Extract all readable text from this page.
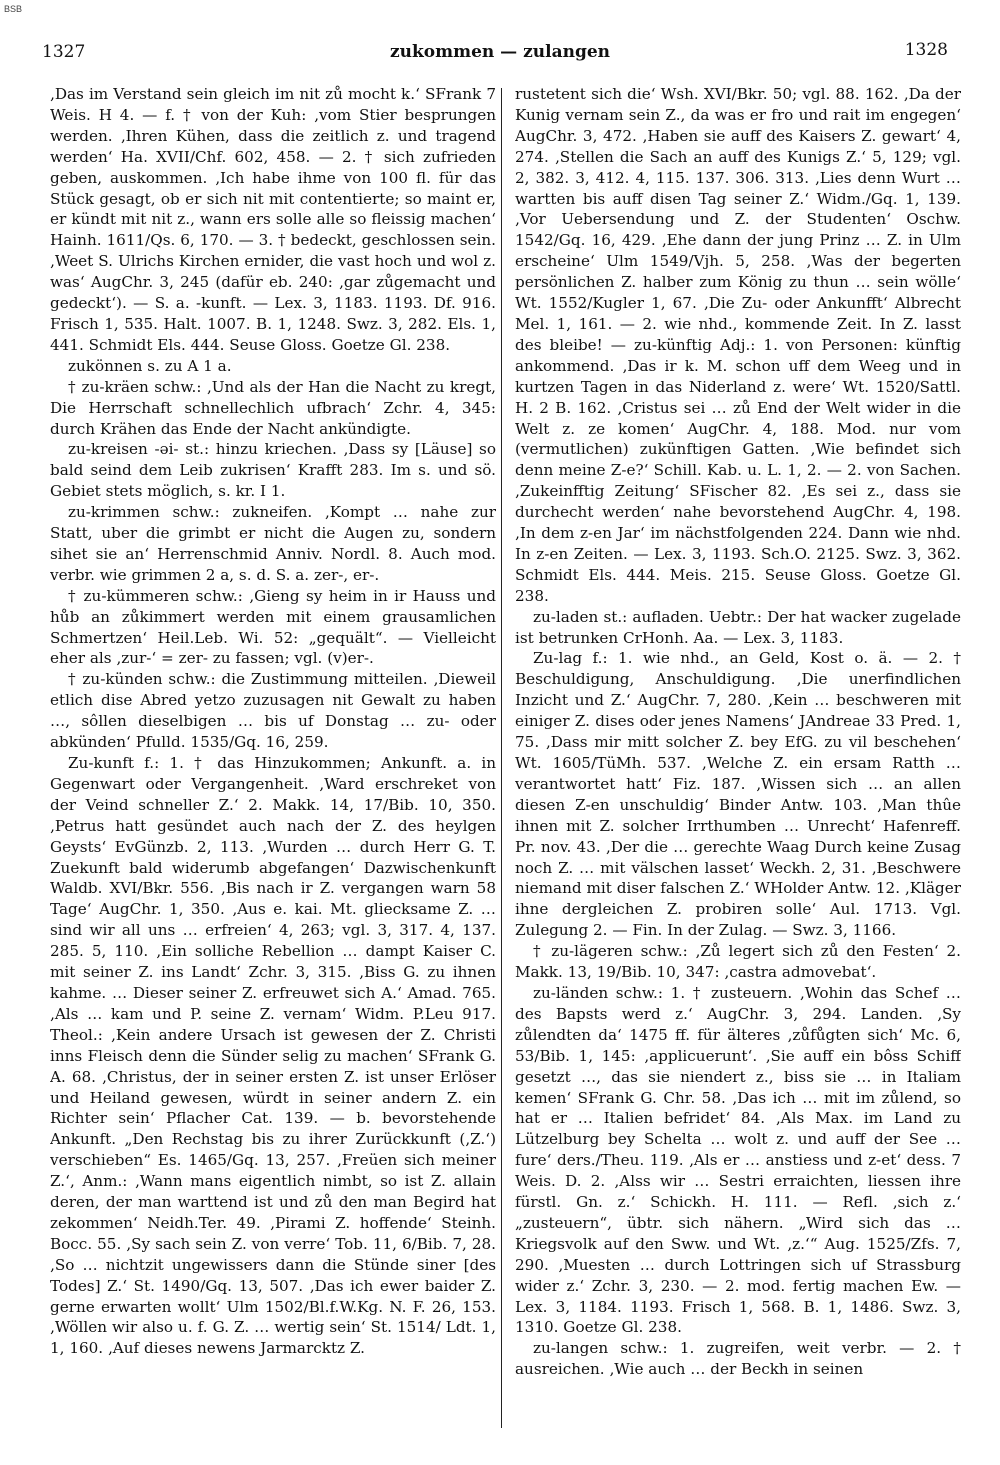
BSB
1327	zukommen — zulangen	1328

‚Das im Verstand sein gleich im nit zů mocht k.‘ SFrank 7 Weis. H 4. — f. † von der Kuh: ‚vom Stier besprungen werden. ‚Ihren Kühen, dass die zeitlich z. und tragend werden‘ Ha. XVII/Chf. 602, 458. — 2. † sich zufrieden geben, auskommen. ‚Ich habe ihme von 100 fl. für das Stück gesagt, ob er sich nit mit contentierte; so maint er, er kündt mit nit z., wann ers solle alle so fleissig machen‘ Hainh. 1611/Qs. 6, 170. — 3. † bedeckt, geschlossen sein. ‚Weet S. Ulrichs Kirchen ernider, die vast hoch und wol z. was‘ AugChr. 3, 245 (dafür eb. 240: ‚gar zůgemacht und gedeckt‘). — S. a. -kunft. — Lex. 3, 1183. 1193. Df. 916. Frisch 1, 535. Halt. 1007. B. 1, 1248. Swz. 3, 282. Els. 1, 441. Schmidt Els. 444. Seuse Gloss. Goetze Gl. 238.

zukönnen s. zu A 1 a.

† zu-kräen schw.: ‚Und als der Han die Nacht zu kregt, Die Herrschaft schnellechlich ufbrach‘ Zchr. 4, 345: durch Krähen das Ende der Nacht ankündigte.

zu-kreisen -əi- st.: hinzu kriechen. ‚Dass sy [Läuse] so bald seind dem Leib zukrisen‘ Krafft 283. Im s. und sö. Gebiet stets möglich, s. kr. I 1.

zu-krimmen schw.: zukneifen. ‚Kompt … nahe zur Statt, uber die grimbt er nicht die Augen zu, sondern sihet sie an‘ Herrenschmid Anniv. Nordl. 8. Auch mod. verbr. wie grimmen 2 a, s. d. S. a. zer-, er-.

† zu-kümmeren schw.: ‚Gieng sy heim in ir Hauss und hůb an zůkimmert werden mit einem grausamlichen Schmertzen‘ Heil.Leb. Wi. 52: „gequält“. — Vielleicht eher als ‚zur-‘ = zer- zu fassen; vgl. (v)er-.

† zu-künden schw.: die Zustimmung mitteilen. ‚Dieweil etlich dise Abred yetzo zuzusagen nit Gewalt zu haben …, sôllen dieselbigen … bis uf Donstag … zu- oder abkünden‘ Pfulld. 1535/Gq. 16, 259.

Zu-kunft f.: 1. † das Hinzukommen; Ankunft. a. in Gegenwart oder Vergangenheit. ‚Ward erschreket von der Veind schneller Z.‘ 2. Makk. 14, 17/Bib. 10, 350. ‚Petrus hatt gesündet auch nach der Z. des heylgen Geysts‘ EvGünzb. 2, 113. ‚Wurden … durch Herr G. T. Zuekunft bald widerumb abgefangen‘ Dazwischenkunft Waldb. XVI/Bkr. 556. ‚Bis nach ir Z. vergangen warn 58 Tage‘ AugChr. 1, 350. ‚Aus e. kai. Mt. gliecksame Z. … sind wir all uns … erfreien‘ 4, 263; vgl. 3, 317. 4, 137. 285. 5, 110. ‚Ein solliche Rebellion … dampt Kaiser C. mit seiner Z. ins Landt‘ Zchr. 3, 315. ‚Biss G. zu ihnen kahme. … Dieser seiner Z. erfreuwet sich A.‘ Amad. 765. ‚Als … kam und P. seine Z. vernam‘ Widm. P.Leu 917. Theol.: ‚Kein andere Ursach ist gewesen der Z. Christi inns Fleisch denn die Sünder selig zu machen‘ SFrank G. A. 68. ‚Christus, der in seiner ersten Z. ist unser Erlöser und Heiland gewesen, würdt in seiner andern Z. ein Richter sein‘ Pflacher Cat. 139. — b. bevorstehende Ankunft. „Den Rechstag bis zu ihrer Zurückkunft (‚Z.‘) verschieben“ Es. 1465/Gq. 13, 257. ‚Freüen sich meiner Z.‘, Anm.: ‚Wann mans eigentlich nimbt, so ist Z. allain deren, der man warttend ist und zů den man Begird hat zekommen‘ Neidh.Ter. 49. ‚Pirami Z. hoffende‘ Steinh. Bocc. 55. ‚Sy sach sein Z. von verre‘ Tob. 11, 6/Bib. 7, 28. ‚So … nichtzit ungewissers dann die Stünde siner [des Todes] Z.‘ St. 1490/Gq. 13, 507. ‚Das ich ewer baider Z. gerne erwarten wollt‘ Ulm 1502/Bl.f.W.Kg. N. F. 26, 153. ‚Wöllen wir also u. f. G. Z. … wertig sein‘ St. 1514/ Ldt. 1, 1, 160. ‚Auf dieses newens Jarmarcktz Z.

rustetent sich die‘ Wsh. XVI/Bkr. 50; vgl. 88. 162. ‚Da der Kunig vernam sein Z., da was er fro und rait im engegen‘ AugChr. 3, 472. ‚Haben sie auff des Kaisers Z. gewart‘ 4, 274. ‚Stellen die Sach an auff des Kunigs Z.‘ 5, 129; vgl. 2, 382. 3, 412. 4, 115. 137. 306. 313. ‚Lies denn Wurt … wartten bis auff disen Tag seiner Z.‘ Widm./Gq. 1, 139. ‚Vor Uebersendung und Z. der Studenten‘ Oschw. 1542/Gq. 16, 429. ‚Ehe dann der jung Prinz … Z. in Ulm erscheine‘ Ulm 1549/Vjh. 5, 258. ‚Was der begerten persönlichen Z. halber zum König zu thun … sein wölle‘ Wt. 1552/Kugler 1, 67. ‚Die Zu- oder Ankunfft‘ Albrecht Mel. 1, 161. — 2. wie nhd., kommende Zeit. In Z. lasst des bleibe! — zu-künftig Adj.: 1. von Personen: künftig ankommend. ‚Das ir k. M. schon uff dem Weeg und in kurtzen Tagen in das Niderland z. were‘ Wt. 1520/Sattl. H. 2 B. 162. ‚Cristus sei … zů End der Welt wider in die Welt z. ze komen‘ AugChr. 4, 188. Mod. nur vom (vermutlichen) zukünftigen Gatten. ‚Wie befindet sich denn meine Z-e?‘ Schill. Kab. u. L. 1, 2. — 2. von Sachen. ‚Zukeinfftig Zeitung‘ SFischer 82. ‚Es sei z., dass sie durchecht werden‘ nahe bevorstehend AugChr. 4, 198. ‚In dem z-en Jar‘ im nächstfolgenden 224. Dann wie nhd. In z-en Zeiten. — Lex. 3, 1193. Sch.O. 2125. Swz. 3, 362. Schmidt Els. 444. Meis. 215. Seuse Gloss. Goetze Gl. 238.

zu-laden st.: aufladen. Uebtr.: Der hat wacker zugelade ist betrunken CrHonh. Aa. — Lex. 3, 1183.

Zu-lag f.: 1. wie nhd., an Geld, Kost o. ä. — 2. † Beschuldigung, Anschuldigung. ‚Die unerfindlichen Inzicht und Z.‘ AugChr. 7, 280. ‚Kein … beschweren mit einiger Z. dises oder jenes Namens‘ JAndreae 33 Pred. 1, 75. ‚Dass mir mitt solcher Z. bey EfG. zu vil beschehen‘ Wt. 1605/TüMh. 537. ‚Welche Z. ein ersam Ratth … verantwortet hatt‘ Fiz. 187. ‚Wissen sich … an allen diesen Z-en unschuldig‘ Binder Antw. 103. ‚Man thûe ihnen mit Z. solcher Irrthumben … Unrecht‘ Hafenreff. Pr. nov. 43. ‚Der die … gerechte Waag Durch keine Zusag noch Z. … mit välschen lasset‘ Weckh. 2, 31. ‚Beschwere niemand mit diser falschen Z.‘ WHolder Antw. 12. ‚Kläger ihne dergleichen Z. probiren solle‘ Aul. 1713. Vgl. Zulegung 2. — Fin. In der Zulag. — Swz. 3, 1166.

† zu-lägeren schw.: ‚Zů legert sich zů den Festen‘ 2. Makk. 13, 19/Bib. 10, 347: ‚castra admovebat‘.

zu-länden schw.: 1. † zusteuern. ‚Wohin das Schef … des Bapsts werd z.‘ AugChr. 3, 294. Landen. ‚Sy zůlendten da‘ 1475 ff. für älteres ‚zůfůgten sich‘ Mc. 6, 53/Bib. 1, 145: ‚applicuerunt‘. ‚Sie auff ein bôss Schiff gesetzt …, das sie niendert z., biss sie … in Italiam kemen‘ SFrank G. Chr. 58. ‚Das ich … mit im zůlend, so hat er … Italien befridet‘ 84. ‚Als Max. im Land zu Lützelburg bey Schelta … wolt z. und auff der See … fure‘ ders./Theu. 119. ‚Als er … anstiess und z-et‘ dess. 7 Weis. D. 2. ‚Alss wir … Sestri erraichten, liessen ihre fürstl. Gn. z.‘ Schickh. H. 111. — Refl. ‚sich z.‘ „zusteuern“, übtr. sich nähern. „Wird sich das … Kriegsvolk auf den Sww. und Wt. ‚z.‘“ Aug. 1525/Zfs. 7, 290. ‚Muesten … durch Lottringen sich uf Strassburg wider z.‘ Zchr. 3, 230. — 2. mod. fertig machen Ew. — Lex. 3, 1184. 1193. Frisch 1, 568. B. 1, 1486. Swz. 3, 1310. Goetze Gl. 238.

zu-langen schw.: 1. zugreifen, weit verbr. — 2. † ausreichen. ‚Wie auch … der Beckh in seinen
